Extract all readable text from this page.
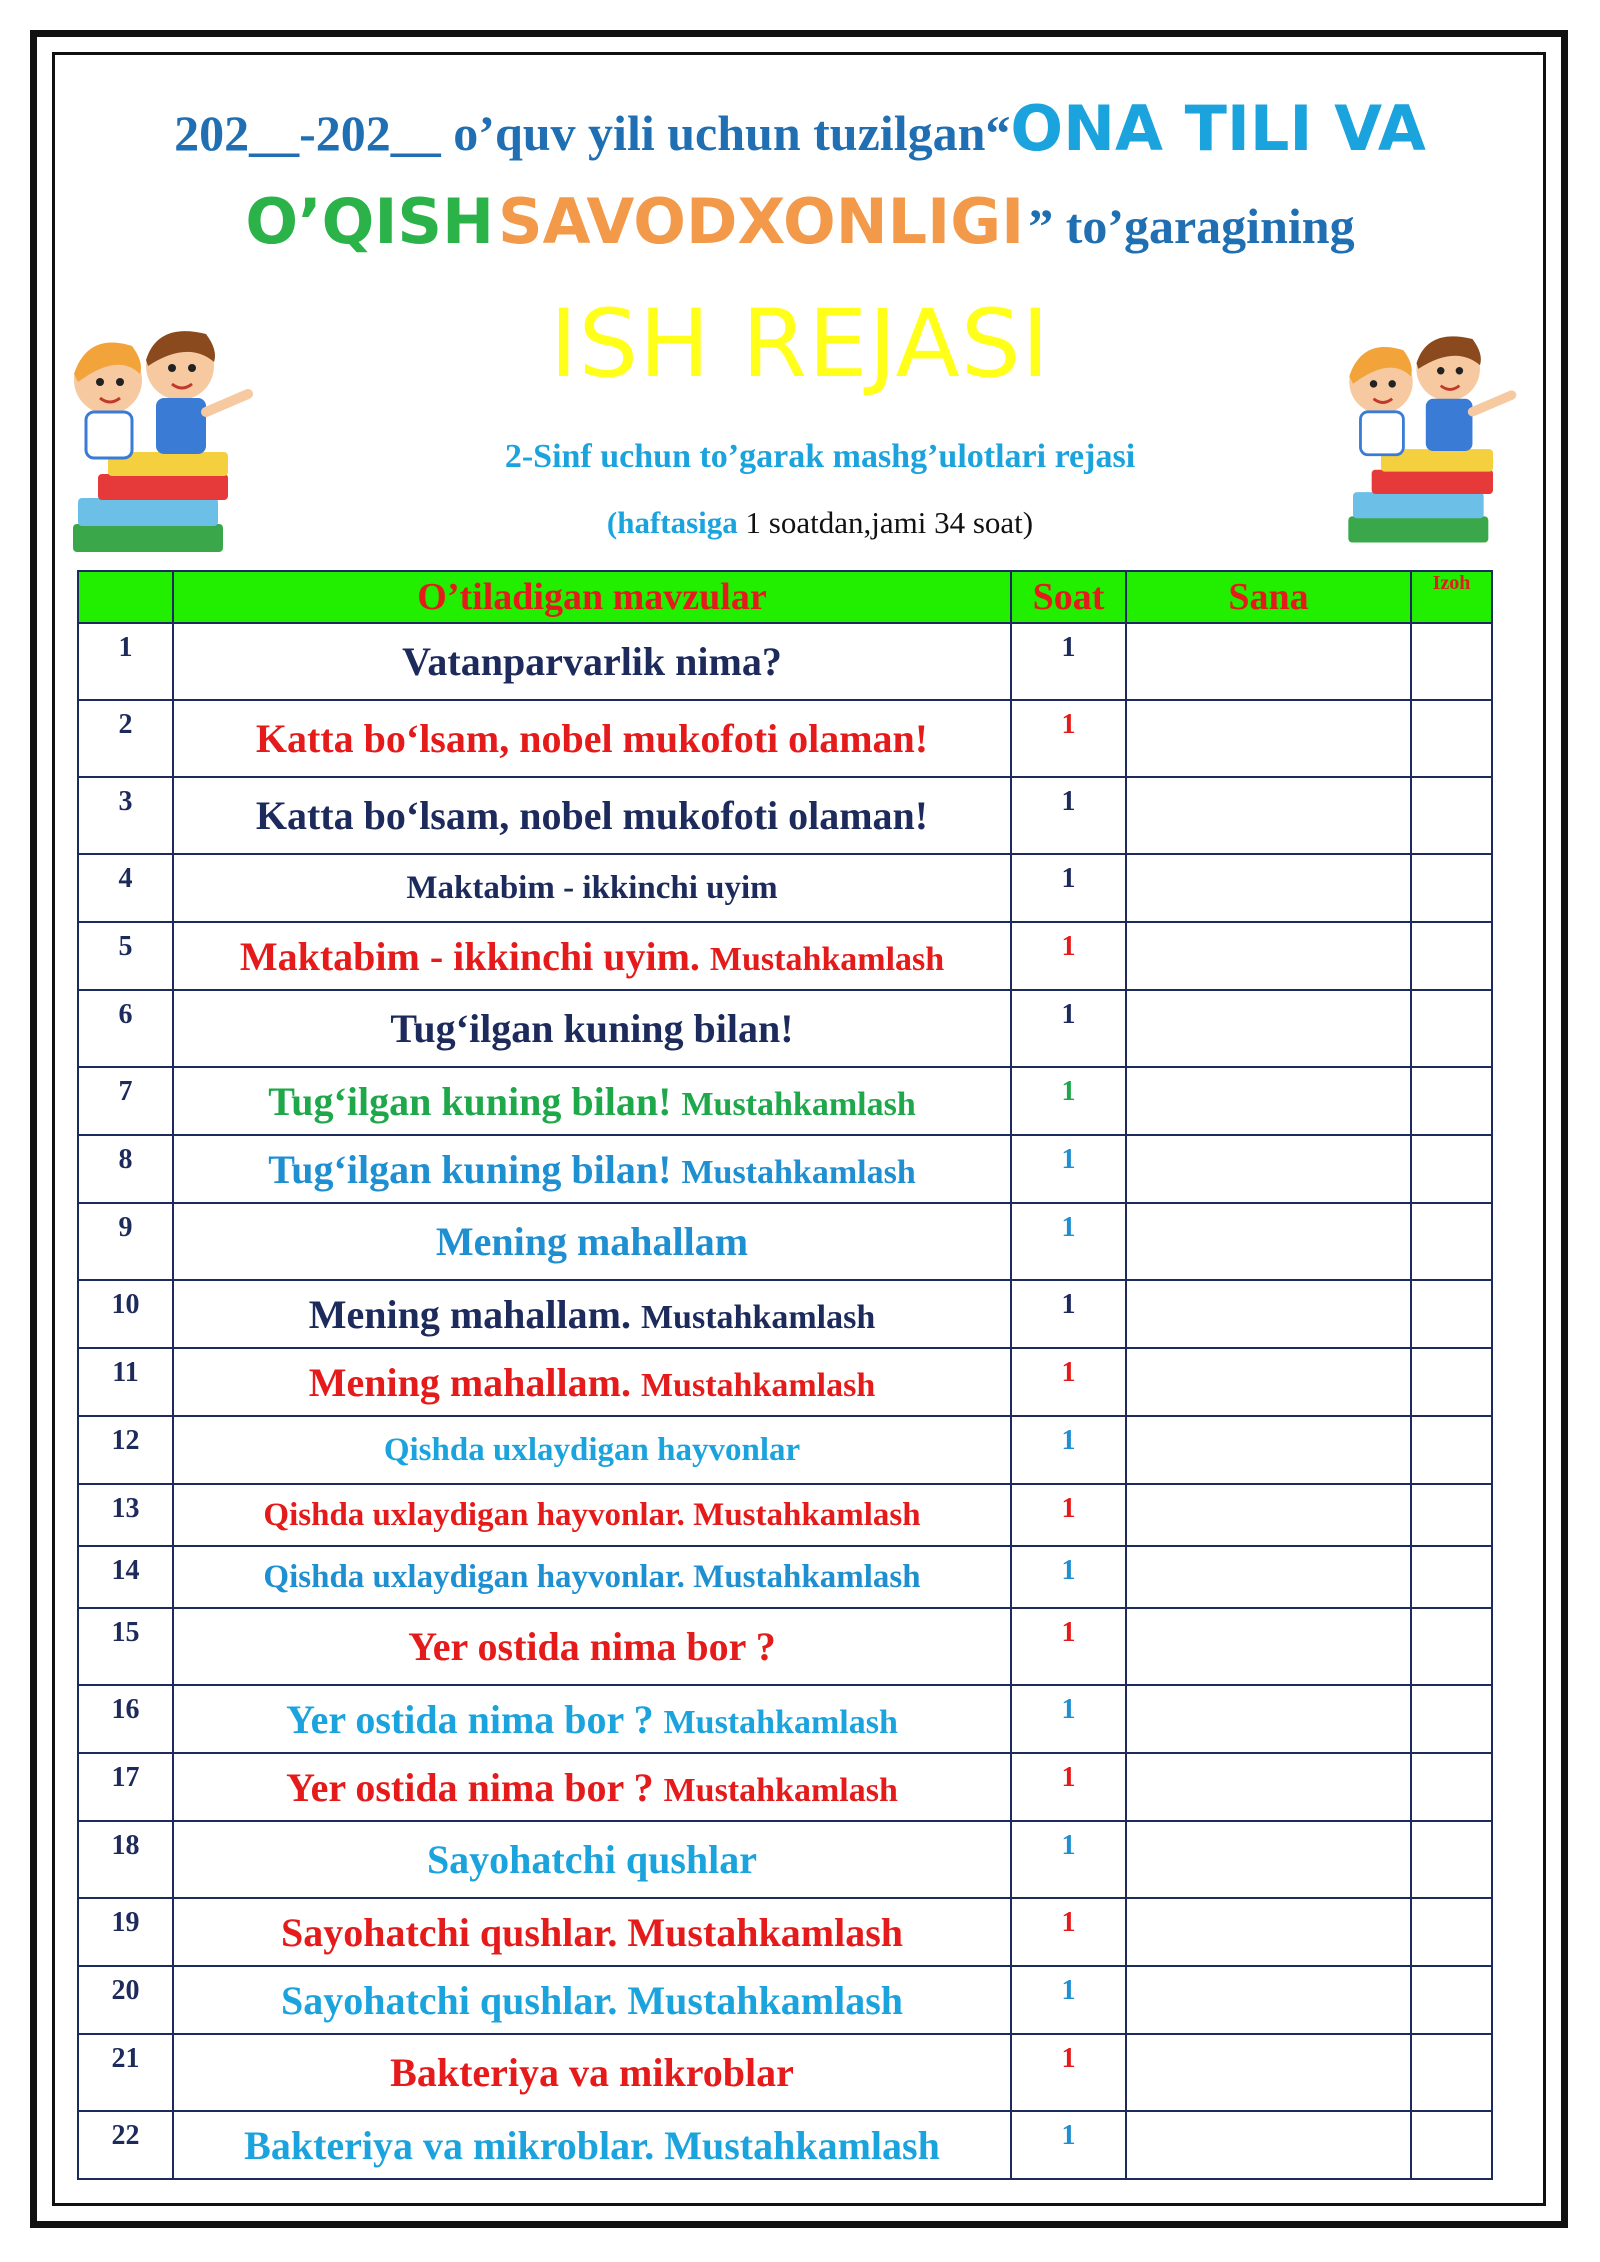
202__-202__ o’quv yili uchun tuzilgan“ONA TILI VA
O’QISH SAVODXONLIGI ” to’garagining
ISH REJASI
2-Sinf uchun to’garak mashg’ulotlari rejasi
(haftasiga 1 soatdan,jami 34 soat)
	O’tiladigan mavzular	Soat	Sana	Izoh
1	Vatanparvarlik nima?	1		
2	Katta bo‘lsam, nobel mukofoti olaman!	1		
3	Katta bo‘lsam, nobel mukofoti olaman!	1		
4	Maktabim - ikkinchi uyim	1		
5	Maktabim - ikkinchi uyim. Mustahkamlash	1		
6	Tug‘ilgan kuning bilan!	1		
7	Tug‘ilgan kuning bilan! Mustahkamlash	1		
8	Tug‘ilgan kuning bilan! Mustahkamlash	1		
9	Mening mahallam	1		
10	Mening mahallam. Mustahkamlash	1		
11	Mening mahallam. Mustahkamlash	1		
12	Qishda uxlaydigan hayvonlar	1		
13	Qishda uxlaydigan hayvonlar. Mustahkamlash	1		
14	Qishda uxlaydigan hayvonlar. Mustahkamlash	1		
15	Yer ostida nima bor ?	1		
16	Yer ostida nima bor ? Mustahkamlash	1		
17	Yer ostida nima bor ? Mustahkamlash	1		
18	Sayohatchi qushlar	1		
19	Sayohatchi qushlar. Mustahkamlash	1		
20	Sayohatchi qushlar. Mustahkamlash	1		
21	Bakteriya va mikroblar	1		
22	Bakteriya va mikroblar. Mustahkamlash	1		
